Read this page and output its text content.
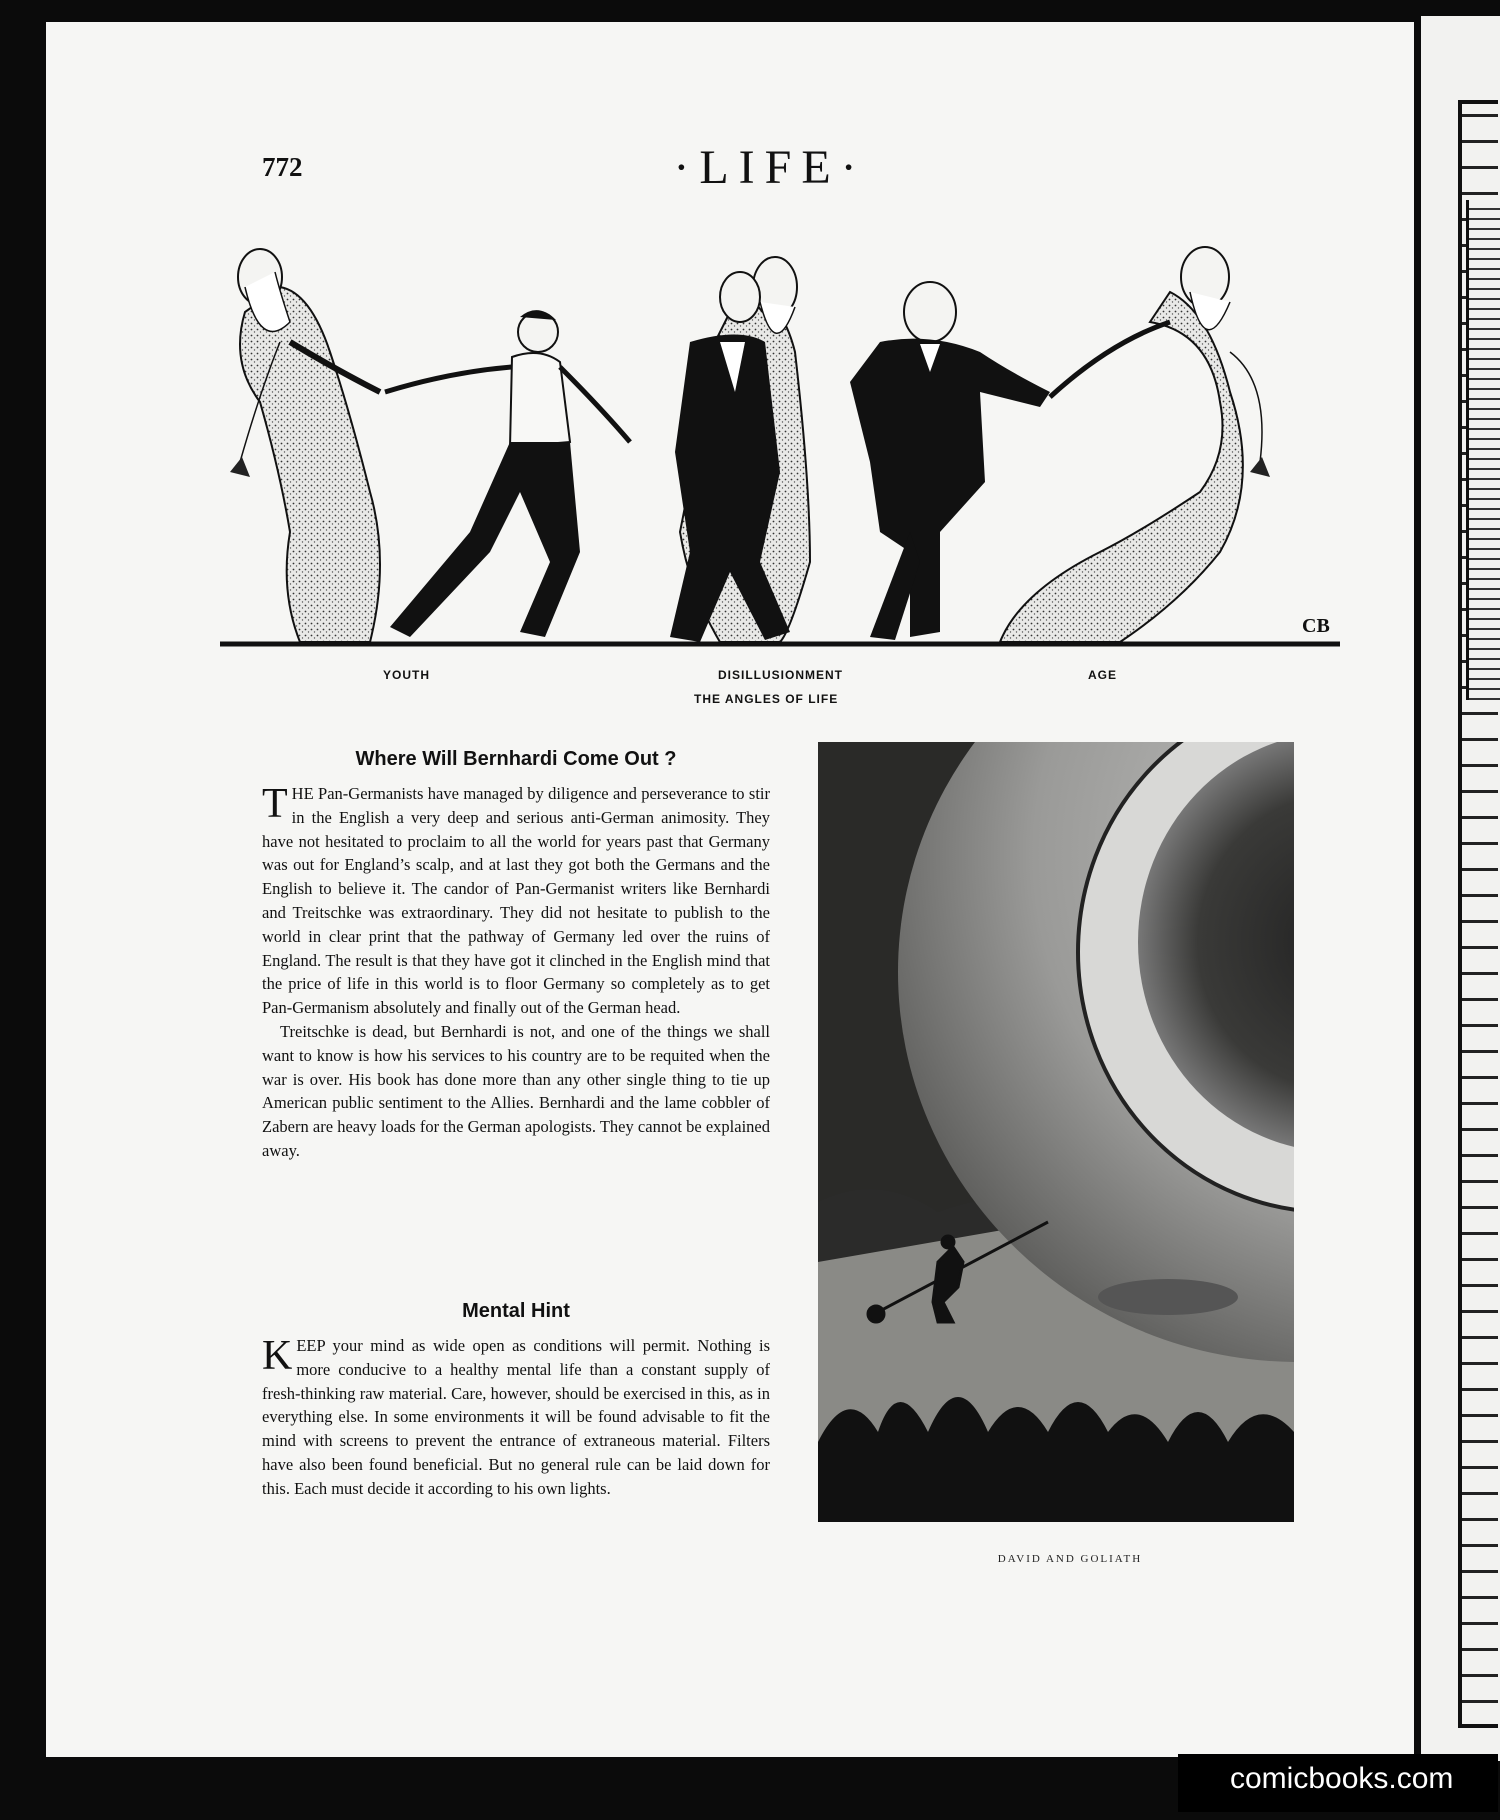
772	·LIFE·
CB
YOUTH	DISILLUSIONMENT	AGE
THE ANGLES OF LIFE
Where Will Bernhardi Come Out ?

THE Pan-Germanists have managed by diligence and perseverance to stir in the English a very deep and serious anti-German animosity. They have not hesitated to proclaim to all the world for years past that Germany was out for England’s scalp, and at last they got both the Germans and the English to believe it. The candor of Pan-Germanist writers like Bernhardi and Treitschke was extraordinary. They did not hesitate to publish to the world in clear print that the pathway of Germany led over the ruins of England. The result is that they have got it clinched in the English mind that the price of life in this world is to floor Germany so completely as to get Pan-Germanism absolutely and finally out of the German head.

Treitschke is dead, but Bernhardi is not, and one of the things we shall want to know is how his services to his country are to be requited when the war is over. His book has done more than any other single thing to tie up American public sentiment to the Allies. Bernhardi and the lame cobbler of Zabern are heavy loads for the German apologists. They cannot be explained away.

Mental Hint

KEEP your mind as wide open as conditions will permit. Nothing is more conducive to a healthy mental life than a constant supply of fresh-thinking raw material. Care, however, should be exercised in this, as in everything else. In some environments it will be found advisable to fit the mind with screens to prevent the entrance of extraneous material. Filters have also been found beneficial. But no general rule can be laid down for this. Each must decide it according to his own lights.

DAVID AND GOLIATH
comicbooks.com
